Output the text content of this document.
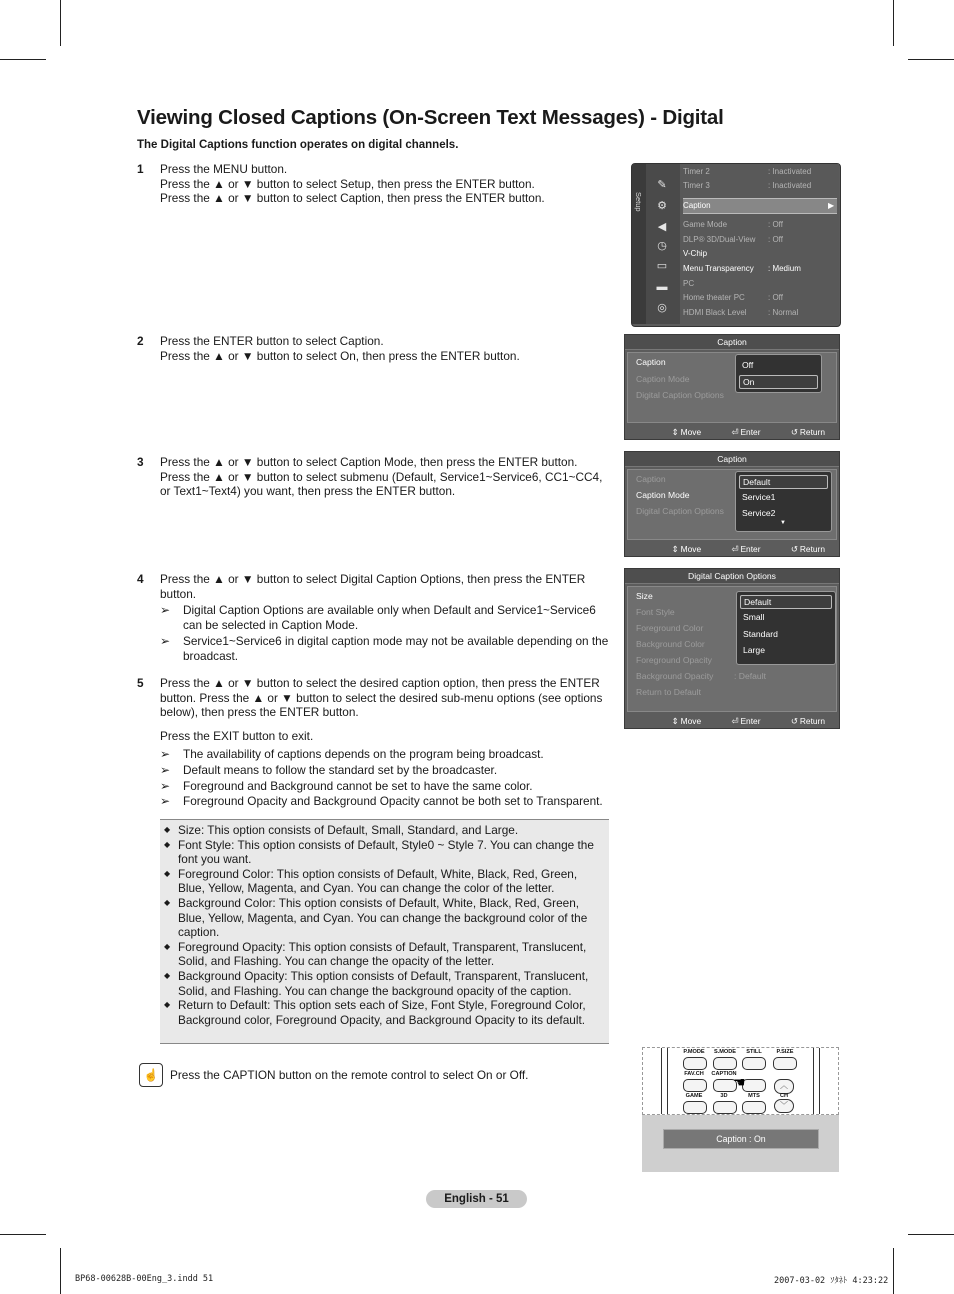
Viewing Closed Captions (On-Screen Text Messages) - Digital
The Digital Captions function operates on digital channels.
1 Press the MENU button.
Press the ▲ or ▼ button to select Setup, then press the ENTER button.
Press the ▲ or ▼ button to select Caption, then press the ENTER button.
2 Press the ENTER button to select Caption.
Press the ▲ or ▼ button to select On, then press the ENTER button.
3 Press the ▲ or ▼ button to select Caption Mode, then press the ENTER button.
Press the ▲ or ▼ button to select submenu (Default, Service1~Service6, CC1~CC4, or Text1~Text4) you want, then press the ENTER button.
4 Press the ▲ or ▼ button to select Digital Caption Options, then press the ENTER button.
➢ Digital Caption Options are available only when Default and Service1~Service6 can be selected in Caption Mode.
➢ Service1~Service6 in digital caption mode may not be available depending on the broadcast.
5 Press the ▲ or ▼ button to select the desired caption option, then press the ENTER button. Press the ▲ or ▼ button to select the desired sub-menu options (see options below), then press the ENTER button.
Press the EXIT button to exit.
➢ The availability of captions depends on the program being broadcast.
➢ Default means to follow the standard set by the broadcaster.
➢ Foreground and Background cannot be set to have the same color.
➢ Foreground Opacity and Background Opacity cannot be both set to Transparent.
◆ Size: This option consists of Default, Small, Standard, and Large.
◆ Font Style: This option consists of Default, Style0 ~ Style 7. You can change the font you want.
◆ Foreground Color: This option consists of Default, White, Black, Red, Green, Blue, Yellow, Magenta, and Cyan. You can change the color of the letter.
◆ Background Color: This option consists of Default, White, Black, Red, Green, Blue, Yellow, Magenta, and Cyan. You can change the background color of the caption.
◆ Foreground Opacity: This option consists of Default, Transparent, Translucent, Solid, and Flashing. You can change the opacity of the letter.
◆ Background Opacity: This option consists of Default, Transparent, Translucent, Solid, and Flashing. You can change the background opacity of the caption.
◆ Return to Default: This option sets each of Size, Font Style, Foreground Color, Background color, Foreground Opacity, and Background Opacity to its default.
☝ Press the CAPTION button on the remote control to select On or Off.
Setup
✎
⚙
◀
◷
▭
▬
◎
Timer 2	: Inactivated
Timer 3	: Inactivated
Caption	▶
Game Mode	: Off
DLP® 3D/Dual-View : Off
V-Chip
Menu Transparency : Medium
PC
Home theater PC	: Off
HDMI Black Level	: Normal
Caption
Caption
Caption Mode
Digital Caption Options
Off
On
⇕ Move	⏎ Enter	↺ Return
Caption
Caption
Caption Mode
Digital Caption Options
Default
Service1
Service2
▼
⇕ Move	⏎ Enter	↺ Return
Digital Caption Options
Size
Font Style
Foreground Color
Background Color
Foreground Opacity
Background Opacity : Default
Return to Default
Default
Small
Standard
Large
⇕ Move	⏎ Enter	↺ Return
P.MODE	S.MODE	STILL	P.SIZE
FAV.CH	CAPTION
☚	︿
GAME	3D	MTS	CH
﹀
Caption : On
English - 51
BP68-00628B-00Eng_3.indd 51	2007-03-02 ｿﾀﾈﾄ 4:23:22
